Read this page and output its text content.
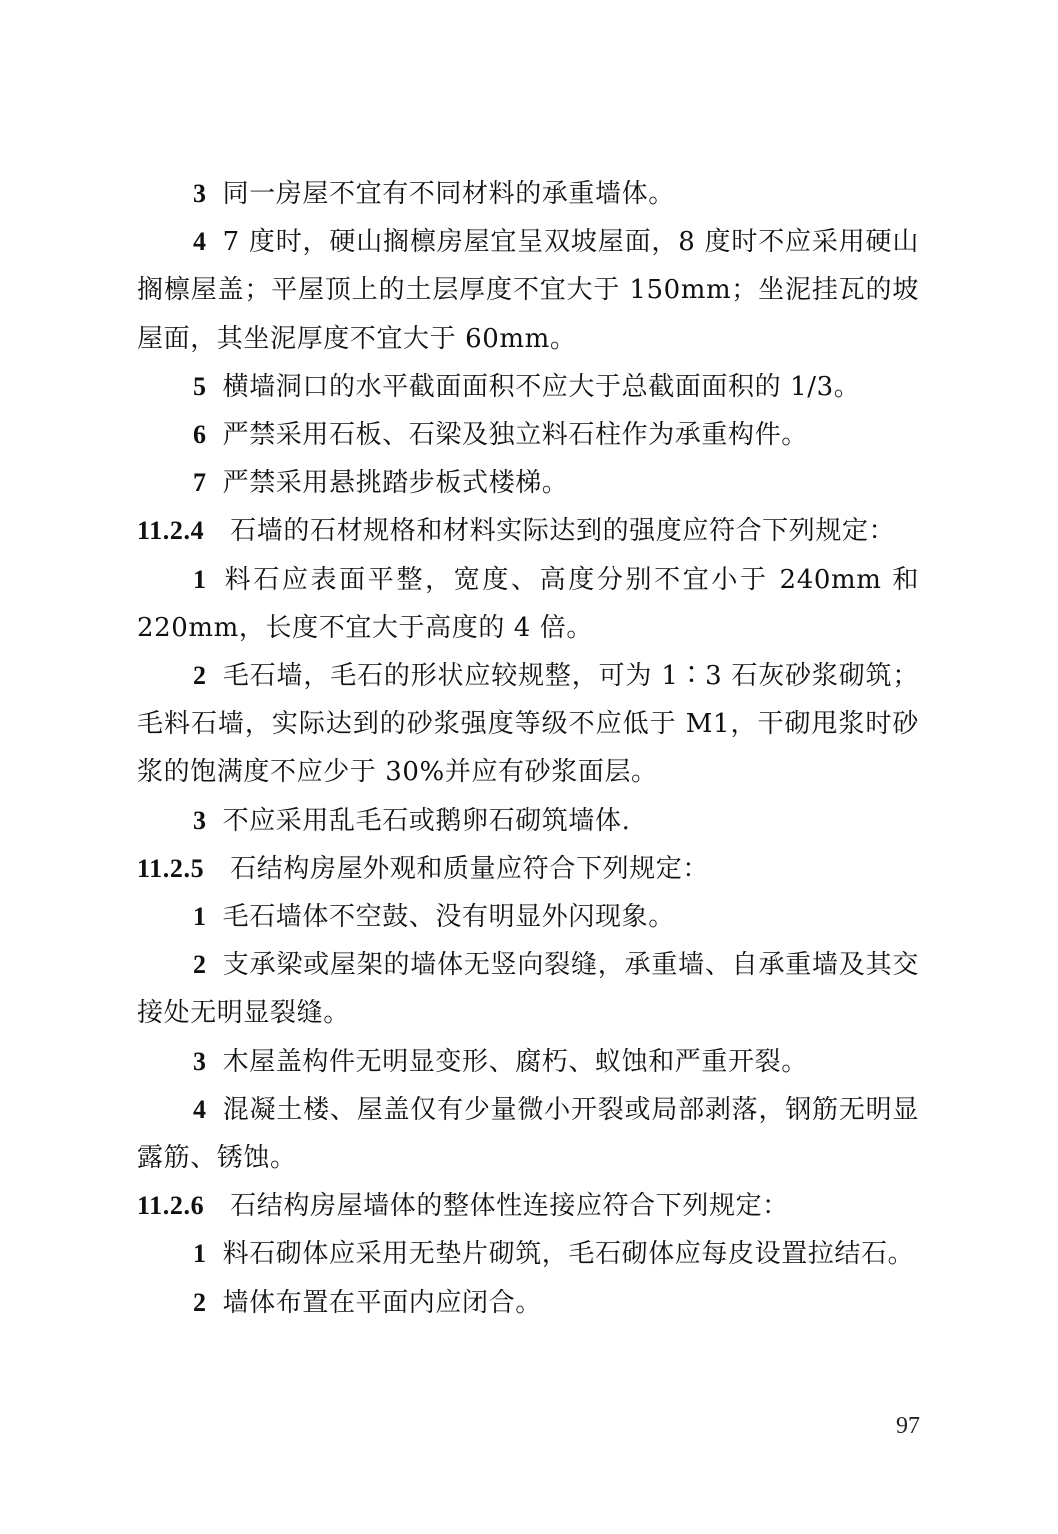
3 同一房屋不宜有不同材料的承重墙体。

4 7 度时，硬山搁檩房屋宜呈双坡屋面，8 度时不应采用硬山搁檩屋盖；平屋顶上的土层厚度不宜大于 150mm；坐泥挂瓦的坡屋面，其坐泥厚度不宜大于 60mm。

5 横墙洞口的水平截面面积不应大于总截面面积的 1/3。

6 严禁采用石板、石梁及独立料石柱作为承重构件。

7 严禁采用悬挑踏步板式楼梯。

11.2.4 石墙的石材规格和材料实际达到的强度应符合下列规定：

1 料石应表面平整，宽度、高度分别不宜小于 240mm 和 220mm，长度不宜大于高度的 4 倍。

2 毛石墙，毛石的形状应较规整，可为 1∶3 石灰砂浆砌筑；毛料石墙，实际达到的砂浆强度等级不应低于 M1，干砌甩浆时砂浆的饱满度不应少于 30%并应有砂浆面层。

3 不应采用乱毛石或鹅卵石砌筑墙体.

11.2.5 石结构房屋外观和质量应符合下列规定：

1 毛石墙体不空鼓、没有明显外闪现象。

2 支承梁或屋架的墙体无竖向裂缝，承重墙、自承重墙及其交接处无明显裂缝。

3 木屋盖构件无明显变形、腐朽、蚁蚀和严重开裂。

4 混凝土楼、屋盖仅有少量微小开裂或局部剥落，钢筋无明显露筋、锈蚀。

11.2.6 石结构房屋墙体的整体性连接应符合下列规定：

1 料石砌体应采用无垫片砌筑，毛石砌体应每皮设置拉结石。

2 墙体布置在平面内应闭合。

97
